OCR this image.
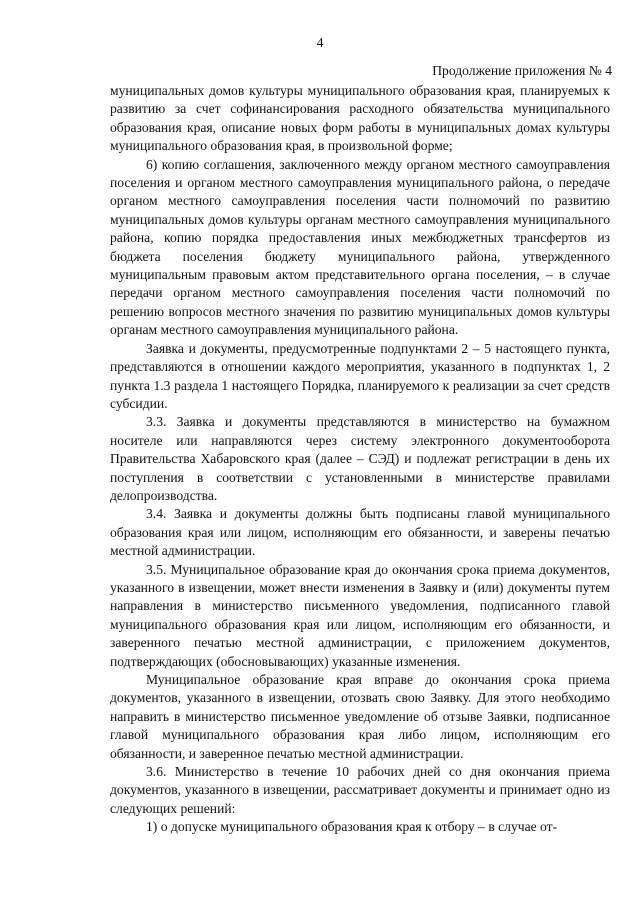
4
Продолжение приложения № 4

муниципальных домов культуры муниципального образования края, планируемых к развитию за счет софинансирования расходного обязательства муниципального образования края, описание новых форм работы в муниципальных домах культуры муниципального образования края, в произвольной форме;

6) копию соглашения, заключенного между органом местного самоуправления поселения и органом местного самоуправления муниципального района, о передаче органом местного самоуправления поселения части полномочий по развитию муниципальных домов культуры органам местного самоуправления муниципального района, копию порядка предоставления иных межбюджетных трансфертов из бюджета поселения бюджету муниципального района, утвержденного муниципальным правовым актом представительного органа поселения, – в случае передачи органом местного самоуправления поселения части полномочий по решению вопросов местного значения по развитию муниципальных домов культуры органам местного самоуправления муниципального района.

Заявка и документы, предусмотренные подпунктами 2 – 5 настоящего пункта, представляются в отношении каждого мероприятия, указанного в подпунктах 1, 2 пункта 1.3 раздела 1 настоящего Порядка, планируемого к реализации за счет средств субсидии.

3.3. Заявка и документы представляются в министерство на бумажном носителе или направляются через систему электронного документооборота Правительства Хабаровского края (далее – СЭД) и подлежат регистрации в день их поступления в соответствии с установленными в министерстве правилами делопроизводства.

3.4. Заявка и документы должны быть подписаны главой муниципального образования края или лицом, исполняющим его обязанности, и заверены печатью местной администрации.

3.5. Муниципальное образование края до окончания срока приема документов, указанного в извещении, может внести изменения в Заявку и (или) документы путем направления в министерство письменного уведомления, подписанного главой муниципального образования края или лицом, исполняющим его обязанности, и заверенного печатью местной администрации, с приложением документов, подтверждающих (обосновывающих) указанные изменения.

Муниципальное образование края вправе до окончания срока приема документов, указанного в извещении, отозвать свою Заявку. Для этого необходимо направить в министерство письменное уведомление об отзыве Заявки, подписанное главой муниципального образования края либо лицом, исполняющим его обязанности, и заверенное печатью местной администрации.

3.6. Министерство в течение 10 рабочих дней со дня окончания приема документов, указанного в извещении, рассматривает документы и принимает одно из следующих решений:

1) о допуске муниципального образования края к отбору – в случае от-
